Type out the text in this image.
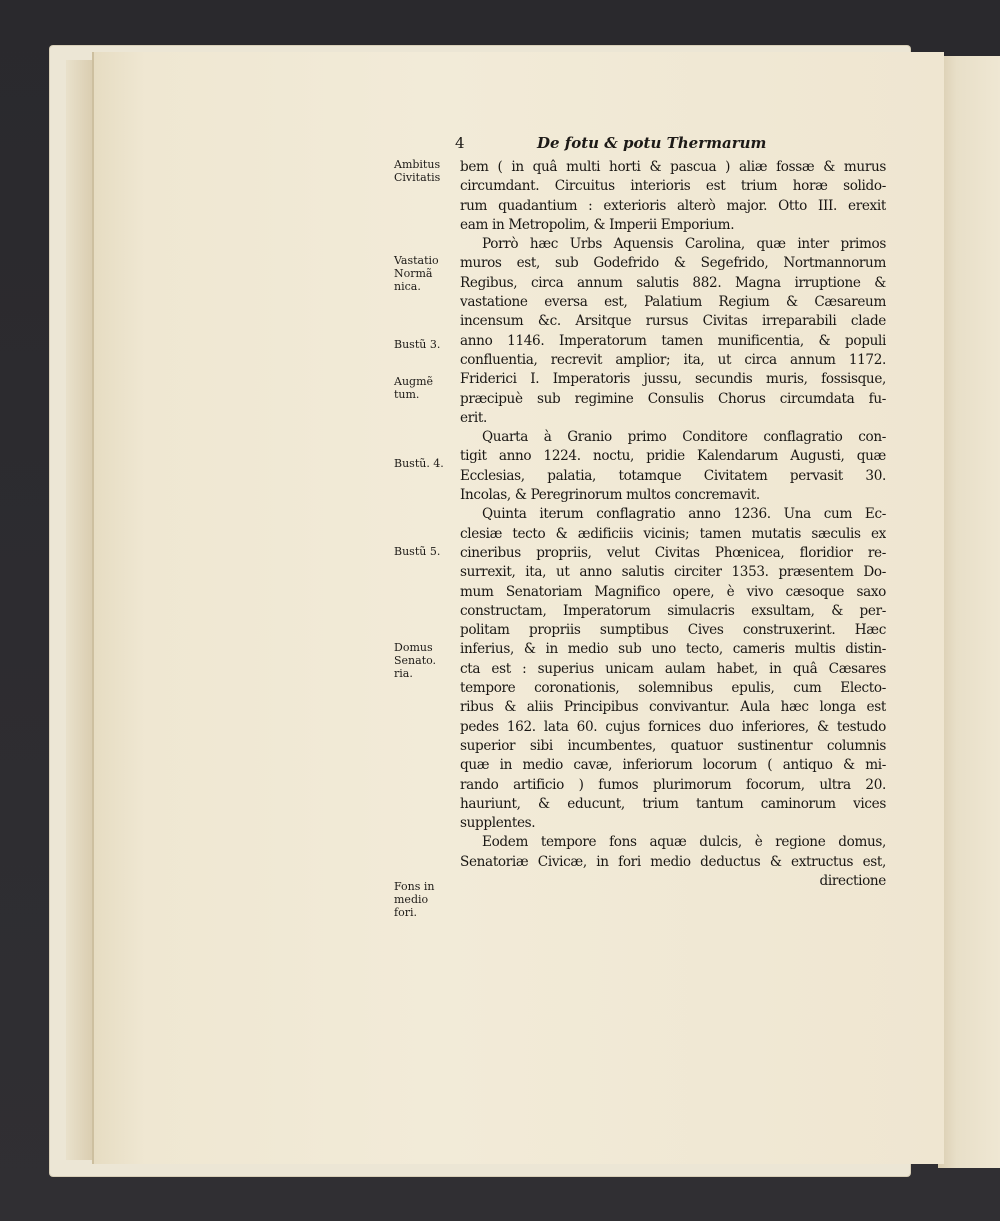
4	De fotu & potu Thermarum
Ambitus
Civitatis
Vastatio
Normã
nica.
Bustũ 3.
Augmẽ
tum.
Bustũ. 4.
Bustũ 5.
Domus
Senato.
ria.
Fons in
medio
fori.
bem ( in quâ multi horti & pascua ) aliæ fossæ & murus
circumdant. Circuitus interioris est trium horæ solido-
rum quadantium : exterioris alterò major. Otto III. erexit
eam in Metropolim, & Imperii Emporium.
Porrò hæc Urbs Aquensis Carolina, quæ inter primos
muros est, sub Godefrido & Segefrido, Nortmannorum
Regibus, circa annum salutis 882. Magna irruptione &
vastatione eversa est, Palatium Regium & Cæsareum
incensum &c. Arsitque rursus Civitas irreparabili clade
anno 1146. Imperatorum tamen munificentia, & populi
confluentia, recrevit amplior; ita, ut circa annum 1172.
Friderici I. Imperatoris jussu, secundis muris, fossisque,
præcipuè sub regimine Consulis Chorus circumdata fu-
erit.
Quarta à Granio primo Conditore conflagratio con-
tigit anno 1224. noctu, pridie Kalendarum Augusti, quæ
Ecclesias, palatia, totamque Civitatem pervasit 30.
Incolas, & Peregrinorum multos concremavit.
Quinta iterum conflagratio anno 1236. Una cum Ec-
clesiæ tecto & ædificiis vicinis; tamen mutatis sæculis ex
cineribus propriis, velut Civitas Phœnicea, floridior re-
surrexit, ita, ut anno salutis circiter 1353. præsentem Do-
mum Senatoriam Magnifico opere, è vivo cæsoque saxo
constructam, Imperatorum simulacris exsultam, & per-
politam propriis sumptibus Cives construxerint. Hæc
inferius, & in medio sub uno tecto, cameris multis distin-
cta est : superius unicam aulam habet, in quâ Cæsares
tempore coronationis, solemnibus epulis, cum Electo-
ribus & aliis Principibus convivantur. Aula hæc longa est
pedes 162. lata 60. cujus fornices duo inferiores, & testudo
superior sibi incumbentes, quatuor sustinentur columnis
quæ in medio cavæ, inferiorum locorum ( antiquo & mi-
rando artificio ) fumos plurimorum focorum, ultra 20.
hauriunt, & educunt, trium tantum caminorum vices
supplentes.
Eodem tempore fons aquæ dulcis, è regione domus,
Senatoriæ Civicæ, in fori medio deductus & extructus est,
directione
